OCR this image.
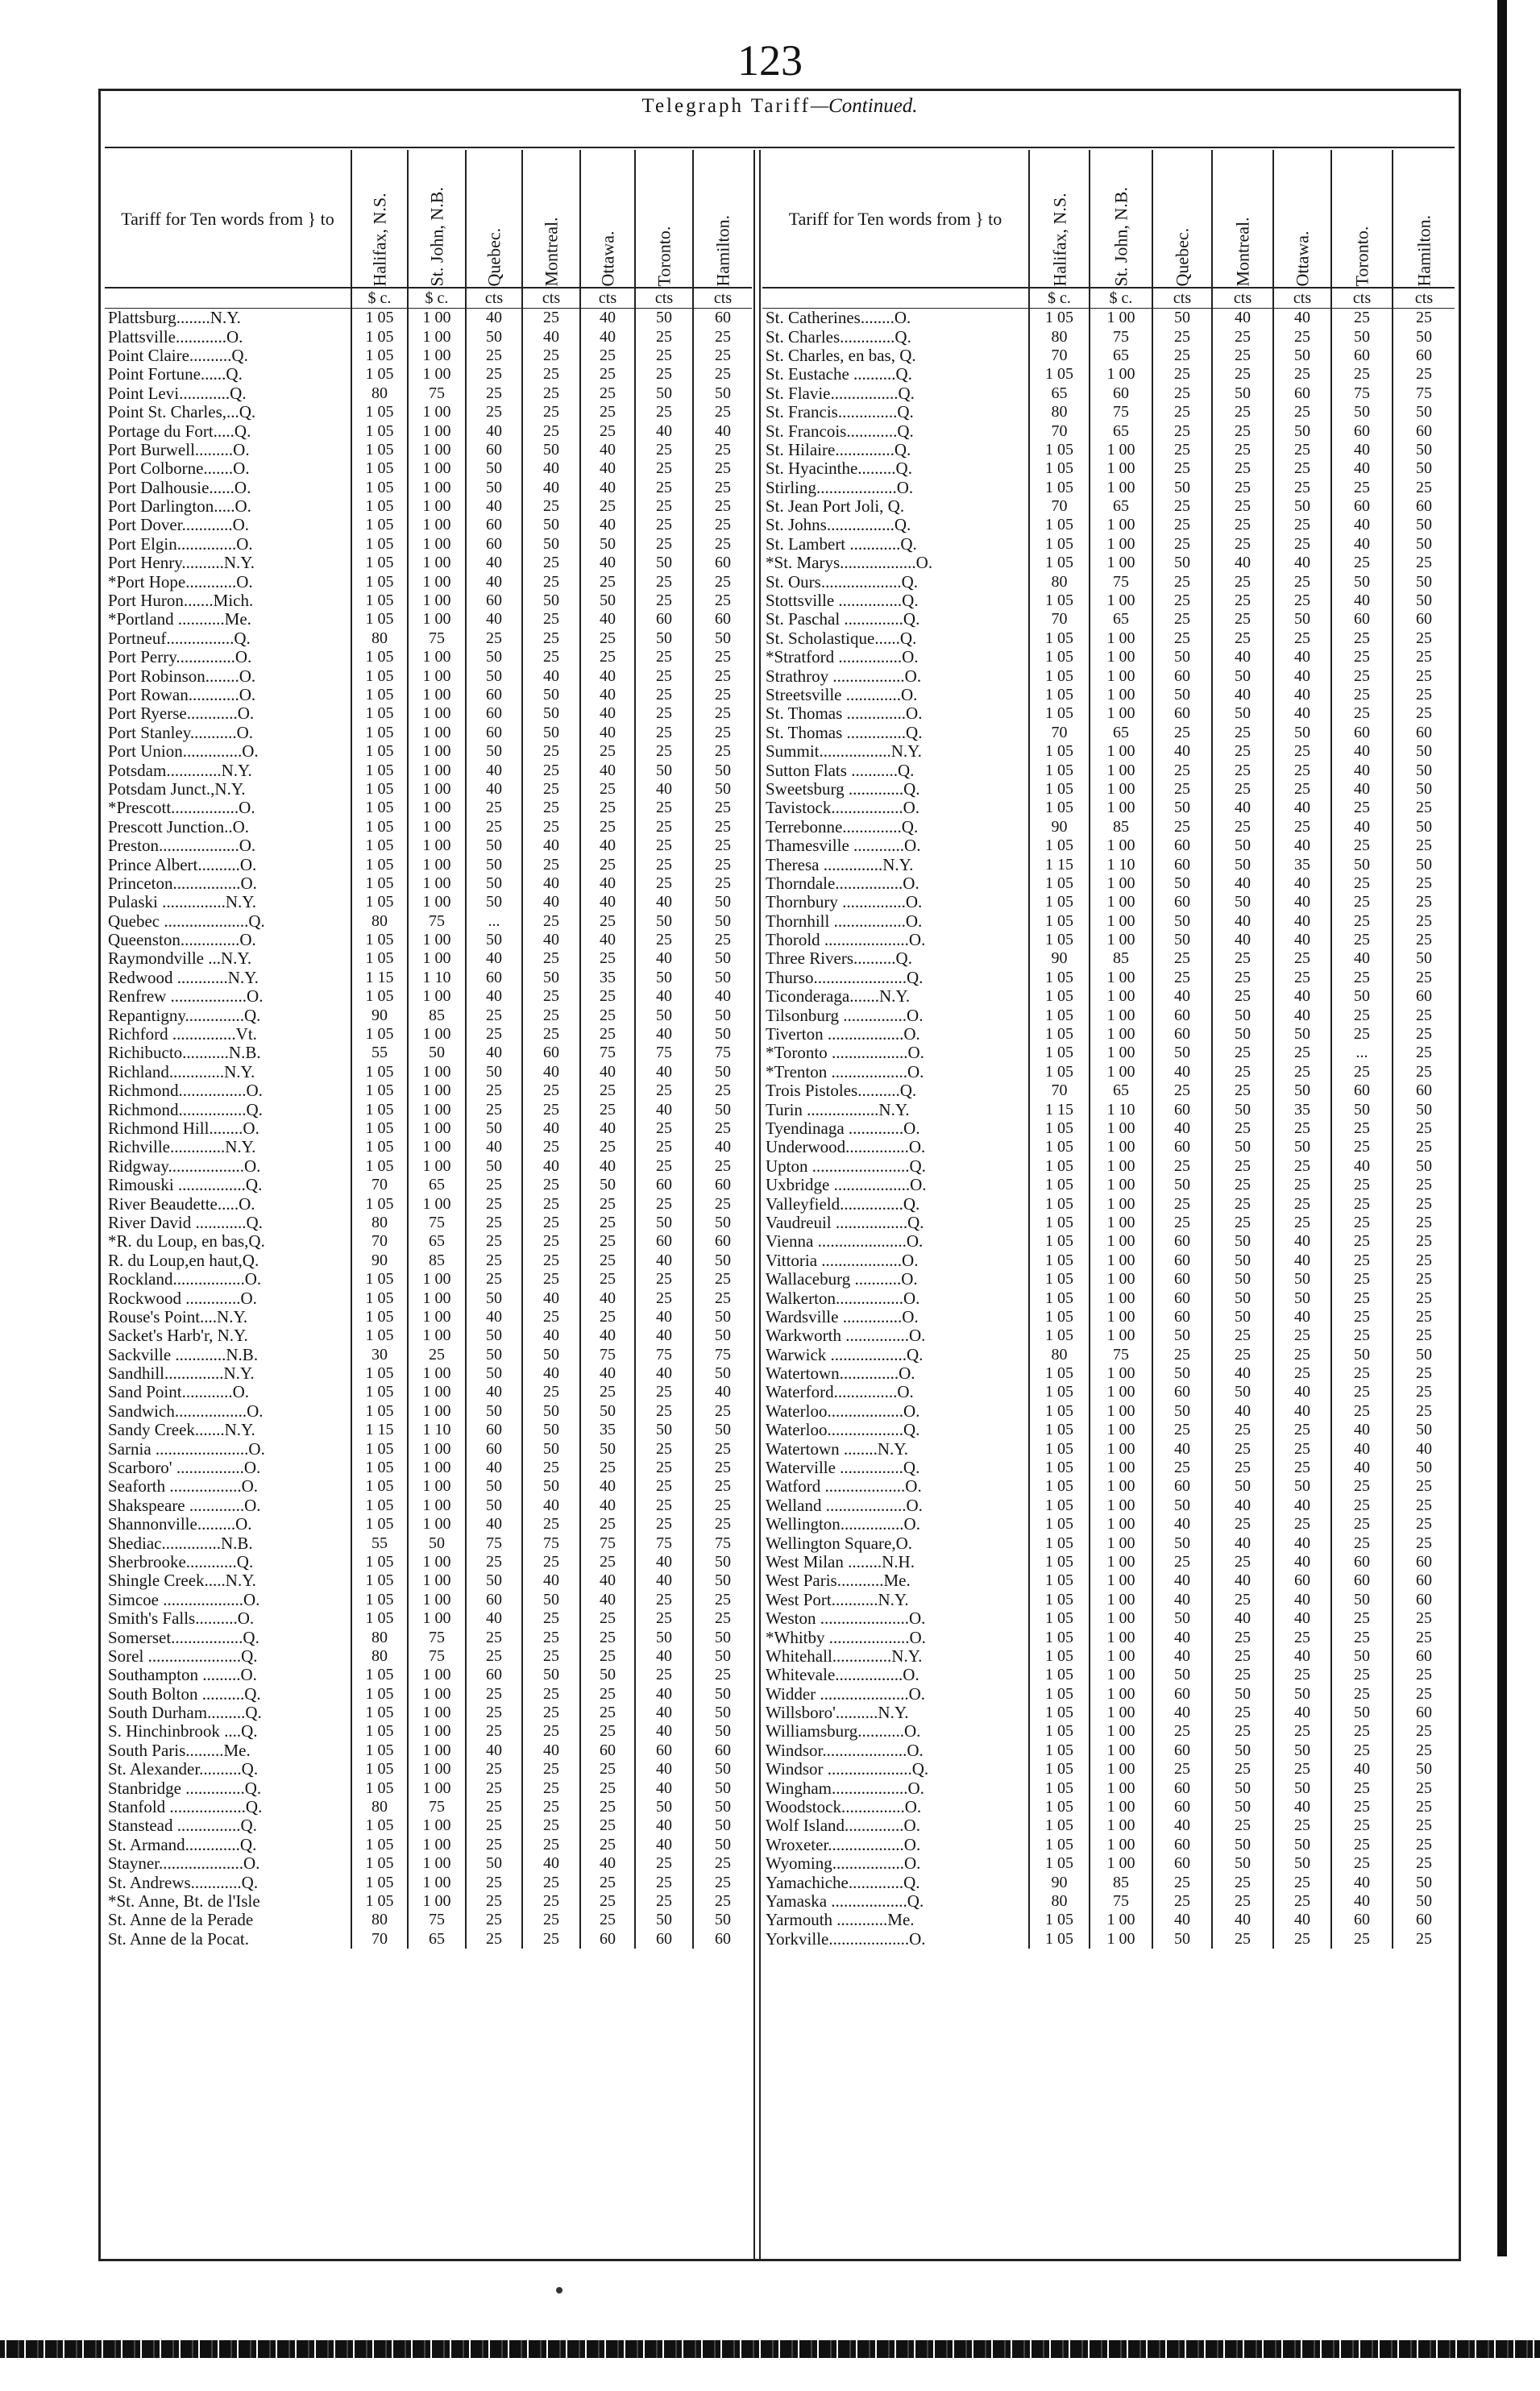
123
Telegraph Tariff—Continued.
Tariff for Ten words from } to	Halifax, N.S.	St. John, N.B.	Quebec.	Montreal.	Ottawa.	Toronto.	Hamilton.
	$ c.	$ c.	cts	cts	cts	cts	cts
Plattsburg........N.Y.	1 05	1 00	40	25	40	50	60
Plattsville............O.	1 05	1 00	50	40	40	25	25
Point Claire..........Q.	1 05	1 00	25	25	25	25	25
Point Fortune......Q.	1 05	1 00	25	25	25	25	25
Point Levi............Q.	80	75	25	25	25	50	50
Point St. Charles,...Q.	1 05	1 00	25	25	25	25	25
Portage du Fort.....Q.	1 05	1 00	40	25	25	40	40
Port Burwell.........O.	1 05	1 00	60	50	40	25	25
Port Colborne.......O.	1 05	1 00	50	40	40	25	25
Port Dalhousie......O.	1 05	1 00	50	40	40	25	25
Port Darlington.....O.	1 05	1 00	40	25	25	25	25
Port Dover............O.	1 05	1 00	60	50	40	25	25
Port Elgin..............O.	1 05	1 00	60	50	50	25	25
Port Henry..........N.Y.	1 05	1 00	40	25	40	50	60
*Port Hope............O.	1 05	1 00	40	25	25	25	25
Port Huron.......Mich.	1 05	1 00	60	50	50	25	25
*Portland ...........Me.	1 05	1 00	40	25	40	60	60
Portneuf................Q.	80	75	25	25	25	50	50
Port Perry..............O.	1 05	1 00	50	25	25	25	25
Port Robinson........O.	1 05	1 00	50	40	40	25	25
Port Rowan............O.	1 05	1 00	60	50	40	25	25
Port Ryerse............O.	1 05	1 00	60	50	40	25	25
Port Stanley...........O.	1 05	1 00	60	50	40	25	25
Port Union..............O.	1 05	1 00	50	25	25	25	25
Potsdam.............N.Y.	1 05	1 00	40	25	40	50	50
Potsdam Junct.,N.Y.	1 05	1 00	40	25	25	40	50
*Prescott................O.	1 05	1 00	25	25	25	25	25
Prescott Junction..O.	1 05	1 00	25	25	25	25	25
Preston...................O.	1 05	1 00	50	40	40	25	25
Prince Albert..........O.	1 05	1 00	50	25	25	25	25
Princeton................O.	1 05	1 00	50	40	40	25	25
Pulaski ...............N.Y.	1 05	1 00	50	40	40	40	50
Quebec ....................Q.	80	75	...	25	25	50	50
Queenston..............O.	1 05	1 00	50	40	40	25	25
Raymondville ...N.Y.	1 05	1 00	40	25	25	40	50
Redwood ............N.Y.	1 15	1 10	60	50	35	50	50
Renfrew ..................O.	1 05	1 00	40	25	25	40	40
Repantigny..............Q.	90	85	25	25	25	50	50
Richford ...............Vt.	1 05	1 00	25	25	25	40	50
Richibucto...........N.B.	55	50	40	60	75	75	75
Richland.............N.Y.	1 05	1 00	50	40	40	40	50
Richmond................O.	1 05	1 00	25	25	25	25	25
Richmond................Q.	1 05	1 00	25	25	25	40	50
Richmond Hill........O.	1 05	1 00	50	40	40	25	25
Richville.............N.Y.	1 05	1 00	40	25	25	25	40
Ridgway..................O.	1 05	1 00	50	40	40	25	25
Rimouski ................Q.	70	65	25	25	50	60	60
River Beaudette.....O.	1 05	1 00	25	25	25	25	25
River David ............Q.	80	75	25	25	25	50	50
*R. du Loup, en bas,Q.	70	65	25	25	25	60	60
R. du Loup,en haut,Q.	90	85	25	25	25	40	50
Rockland.................O.	1 05	1 00	25	25	25	25	25
Rockwood .............O.	1 05	1 00	50	40	40	25	25
Rouse's Point....N.Y.	1 05	1 00	40	25	25	40	50
Sacket's Harb'r, N.Y.	1 05	1 00	50	40	40	40	50
Sackville ............N.B.	30	25	50	50	75	75	75
Sandhill..............N.Y.	1 05	1 00	50	40	40	40	50
Sand Point............O.	1 05	1 00	40	25	25	25	40
Sandwich.................O.	1 05	1 00	50	50	50	25	25
Sandy Creek.......N.Y.	1 15	1 10	60	50	35	50	50
Sarnia ......................O.	1 05	1 00	60	50	50	25	25
Scarboro' ................O.	1 05	1 00	40	25	25	25	25
Seaforth .................O.	1 05	1 00	50	50	40	25	25
Shakspeare .............O.	1 05	1 00	50	40	40	25	25
Shannonville.........O.	1 05	1 00	40	25	25	25	25
Shediac..............N.B.	55	50	75	75	75	75	75
Sherbrooke............Q.	1 05	1 00	25	25	25	40	50
Shingle Creek.....N.Y.	1 05	1 00	50	40	40	40	50
Simcoe ...................O.	1 05	1 00	60	50	40	25	25
Smith's Falls..........O.	1 05	1 00	40	25	25	25	25
Somerset.................Q.	80	75	25	25	25	50	50
Sorel ......................Q.	80	75	25	25	25	40	50
Southampton .........O.	1 05	1 00	60	50	50	25	25
South Bolton ..........Q.	1 05	1 00	25	25	25	40	50
South Durham.........Q.	1 05	1 00	25	25	25	40	50
S. Hinchinbrook ....Q.	1 05	1 00	25	25	25	40	50
South Paris.........Me.	1 05	1 00	40	40	60	60	60
St. Alexander..........Q.	1 05	1 00	25	25	25	40	50
Stanbridge ..............Q.	1 05	1 00	25	25	25	40	50
Stanfold ..................Q.	80	75	25	25	25	50	50
Stanstead ...............Q.	1 05	1 00	25	25	25	40	50
St. Armand.............Q.	1 05	1 00	25	25	25	40	50
Stayner....................O.	1 05	1 00	50	40	40	25	25
St. Andrews............Q.	1 05	1 00	25	25	25	25	25
*St. Anne, Bt. de l'Isle	1 05	1 00	25	25	25	25	25
St. Anne de la Perade	80	75	25	25	25	50	50
St. Anne de la Pocat.	70	65	25	25	60	60	60
Tariff for Ten words from } to	Halifax, N.S.	St. John, N.B.	Quebec.	Montreal.	Ottawa.	Toronto.	Hamilton.
	$ c.	$ c.	cts	cts	cts	cts	cts
St. Catherines........O.	1 05	1 00	50	40	40	25	25
St. Charles.............Q.	80	75	25	25	25	50	50
St. Charles, en bas, Q.	70	65	25	25	50	60	60
St. Eustache ..........Q.	1 05	1 00	25	25	25	25	25
St. Flavie................Q.	65	60	25	50	60	75	75
St. Francis..............Q.	80	75	25	25	25	50	50
St. Francois............Q.	70	65	25	25	50	60	60
St. Hilaire..............Q.	1 05	1 00	25	25	25	40	50
St. Hyacinthe.........Q.	1 05	1 00	25	25	25	40	50
Stirling...................O.	1 05	1 00	50	25	25	25	25
St. Jean Port Joli, Q.	70	65	25	25	50	60	60
St. Johns................Q.	1 05	1 00	25	25	25	40	50
St. Lambert ............Q.	1 05	1 00	25	25	25	40	50
*St. Marys..................O.	1 05	1 00	50	40	40	25	25
St. Ours...................Q.	80	75	25	25	25	50	50
Stottsville ...............Q.	1 05	1 00	25	25	25	40	50
St. Paschal ..............Q.	70	65	25	25	50	60	60
St. Scholastique......Q.	1 05	1 00	25	25	25	25	25
*Stratford ...............O.	1 05	1 00	50	40	40	25	25
Strathroy .................O.	1 05	1 00	60	50	40	25	25
Streetsville .............O.	1 05	1 00	50	40	40	25	25
St. Thomas ..............O.	1 05	1 00	60	50	40	25	25
St. Thomas ..............Q.	70	65	25	25	50	60	60
Summit.................N.Y.	1 05	1 00	40	25	25	40	50
Sutton Flats ...........Q.	1 05	1 00	25	25	25	40	50
Sweetsburg .............Q.	1 05	1 00	25	25	25	40	50
Tavistock.................O.	1 05	1 00	50	40	40	25	25
Terrebonne..............Q.	90	85	25	25	25	40	50
Thamesville ............O.	1 05	1 00	60	50	40	25	25
Theresa ..............N.Y.	1 15	1 10	60	50	35	50	50
Thorndale................O.	1 05	1 00	50	40	40	25	25
Thornbury ...............O.	1 05	1 00	60	50	40	25	25
Thornhill .................O.	1 05	1 00	50	40	40	25	25
Thorold ....................O.	1 05	1 00	50	40	40	25	25
Three Rivers..........Q.	90	85	25	25	25	40	50
Thurso......................Q.	1 05	1 00	25	25	25	25	25
Ticonderaga.......N.Y.	1 05	1 00	40	25	40	50	60
Tilsonburg ...............O.	1 05	1 00	60	50	40	25	25
Tiverton ..................O.	1 05	1 00	60	50	50	25	25
*Toronto ..................O.	1 05	1 00	50	25	25	...	25
*Trenton ..................O.	1 05	1 00	40	25	25	25	25
Trois Pistoles..........Q.	70	65	25	25	50	60	60
Turin .................N.Y.	1 15	1 10	60	50	35	50	50
Tyendinaga .............O.	1 05	1 00	40	25	25	25	25
Underwood...............O.	1 05	1 00	60	50	50	25	25
Upton .......................Q.	1 05	1 00	25	25	25	40	50
Uxbridge ..................O.	1 05	1 00	50	25	25	25	25
Valleyfield...............Q.	1 05	1 00	25	25	25	25	25
Vaudreuil .................Q.	1 05	1 00	25	25	25	25	25
Vienna .....................O.	1 05	1 00	60	50	40	25	25
Vittoria ...................O.	1 05	1 00	60	50	40	25	25
Wallaceburg ...........O.	1 05	1 00	60	50	50	25	25
Walkerton................O.	1 05	1 00	60	50	50	25	25
Wardsville ..............O.	1 05	1 00	60	50	40	25	25
Warkworth ...............O.	1 05	1 00	50	25	25	25	25
Warwick ..................Q.	80	75	25	25	25	50	50
Watertown..............O.	1 05	1 00	50	40	25	25	25
Waterford...............O.	1 05	1 00	60	50	40	25	25
Waterloo..................O.	1 05	1 00	50	40	40	25	25
Waterloo..................Q.	1 05	1 00	25	25	25	40	50
Watertown ........N.Y.	1 05	1 00	40	25	25	40	40
Waterville ...............Q.	1 05	1 00	25	25	25	40	50
Watford ...................O.	1 05	1 00	60	50	50	25	25
Welland ...................O.	1 05	1 00	50	40	40	25	25
Wellington...............O.	1 05	1 00	40	25	25	25	25
Wellington Square,O.	1 05	1 00	50	40	40	25	25
West Milan ........N.H.	1 05	1 00	25	25	40	60	60
West Paris...........Me.	1 05	1 00	40	40	60	60	60
West Port...........N.Y.	1 05	1 00	40	25	40	50	60
Weston .....................O.	1 05	1 00	50	40	40	25	25
*Whitby ...................O.	1 05	1 00	40	25	25	25	25
Whitehall..............N.Y.	1 05	1 00	40	25	40	50	60
Whitevale................O.	1 05	1 00	50	25	25	25	25
Widder .....................O.	1 05	1 00	60	50	50	25	25
Willsboro'..........N.Y.	1 05	1 00	40	25	40	50	60
Williamsburg...........O.	1 05	1 00	25	25	25	25	25
Windsor....................O.	1 05	1 00	60	50	50	25	25
Windsor ....................Q.	1 05	1 00	25	25	25	40	50
Wingham..................O.	1 05	1 00	60	50	50	25	25
Woodstock...............O.	1 05	1 00	60	50	40	25	25
Wolf Island..............O.	1 05	1 00	40	25	25	25	25
Wroxeter..................O.	1 05	1 00	60	50	50	25	25
Wyoming.................O.	1 05	1 00	60	50	50	25	25
Yamachiche.............Q.	90	85	25	25	25	40	50
Yamaska ..................Q.	80	75	25	25	25	40	50
Yarmouth ............Me.	1 05	1 00	40	40	40	60	60
Yorkville...................O.	1 05	1 00	50	25	25	25	25
